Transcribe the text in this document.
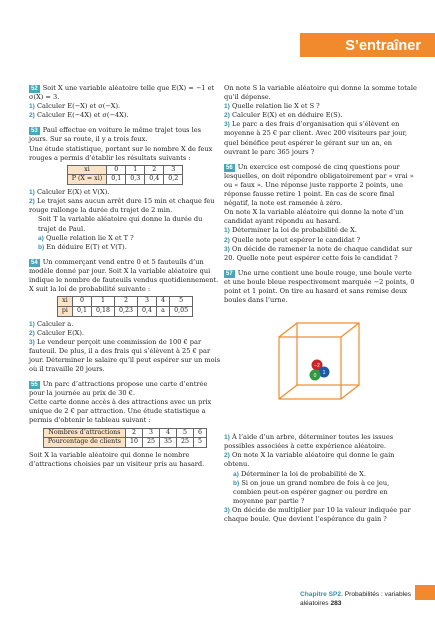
S’entraîner

52 Soit X une variable aléatoire telle que E(X) = −1 et σ(X) = 3.

1) Calculer E(−X) et σ(−X).

2) Calculer E(−4X) et σ(−4X).

53 Paul effectue en voiture le même trajet tous les jours. Sur sa route, il y a trois feux.

Une étude statistique, portant sur le nombre X de feux rouges a permis d’établir les résultats suivants :

xi	0	1	2	3
P (X = xi)	0,1	0,3	0,4	0,2

1) Calculer E(X) et V(X).

2) Le trajet sans aucun arrêt dure 15 min et chaque feu rouge rallonge la durée du trajet de 2 min.

Soit T la variable aléatoire qui donne la durée du trajet de Paul.

a) Quelle relation lie X et T ?

b) En déduire E(T) et V(T).

54 Un commerçant vend entre 0 et 5 fauteuils d’un modèle donné par jour. Soit X la variable aléatoire qui indique le nombre de fauteuils vendus quotidiennement. X suit la loi de probabilité suivante :

xi	0	1	2	3	4	5
pi	0,1	0,18	0,23	0,4	a	0,05

1) Calculer a.

2) Calculer E(X).

3) Le vendeur perçoit une commission de 100 € par fauteuil. De plus, il a des frais qui s’élèvent à 25 € par jour. Déterminer le salaire qu’il peut espérer sur un mois où il travaille 20 jours.

55 Un parc d’attractions propose une carte d’entrée pour la journée au prix de 30 €.

Cette carte donne accès à des attractions avec un prix unique de 2 € par attraction. Une étude statistique a permis d’obtenir le tableau suivant :

Nombres d’attractions	2	3	4	5	6
Pourcentage de clients	10	25	35	25	5

Soit X la variable aléatoire qui donne le nombre d’attractions choisies par un visiteur pris au hasard.

On note S la variable aléatoire qui donne la somme totale qu’il dépense.

1) Quelle relation lie X et S ?

2) Calculer E(X) et en déduire E(S).

3) Le parc a des frais d’organisation qui s’élèvent en moyenne à 25 € par client. Avec 200 visiteurs par jour, quel bénéfice peut espérer le gérant sur un an, en ouvrant le parc 365 jours ?

56 Un exercice est composé de cinq questions pour lesquelles, on doit répondre obligatoirement par « vrai » ou « faux ». Une réponse juste rapporte 2 points, une réponse fausse retire 1 point. En cas de score final négatif, la note est ramenée à zéro.

On note X la variable aléatoire qui donne la note d’un candidat ayant répondu au hasard.

1) Déterminer la loi de probabilité de X.

2) Quelle note peut espérer le candidat ?

3) On décide de ramener la note de chaque candidat sur 20. Quelle note peut espérer cette fois le candidat ?

57 Une urne contient une boule rouge, une boule verte et une boule bleue respectivement marquée −2 points, 0 point et 1 point. On tire au hasard et sans remise deux boules dans l’urne.

−2
1
0

1) À l’aide d’un arbre, déterminer toutes les issues possibles associées à cette expérience aléatoire.

2) On note X la variable aléatoire qui donne le gain obtenu.

a) Déterminer la loi de probabilité de X.

b) Si on joue un grand nombre de fois à ce jeu, combien peut-on espérer gagner ou perdre en moyenne par partie ?

3) On décide de multiplier par 10 la valeur indiquée par chaque boule. Que devient l’espérance du gain ?

Chapitre SP2. Probabilités : variables aléatoires 283
